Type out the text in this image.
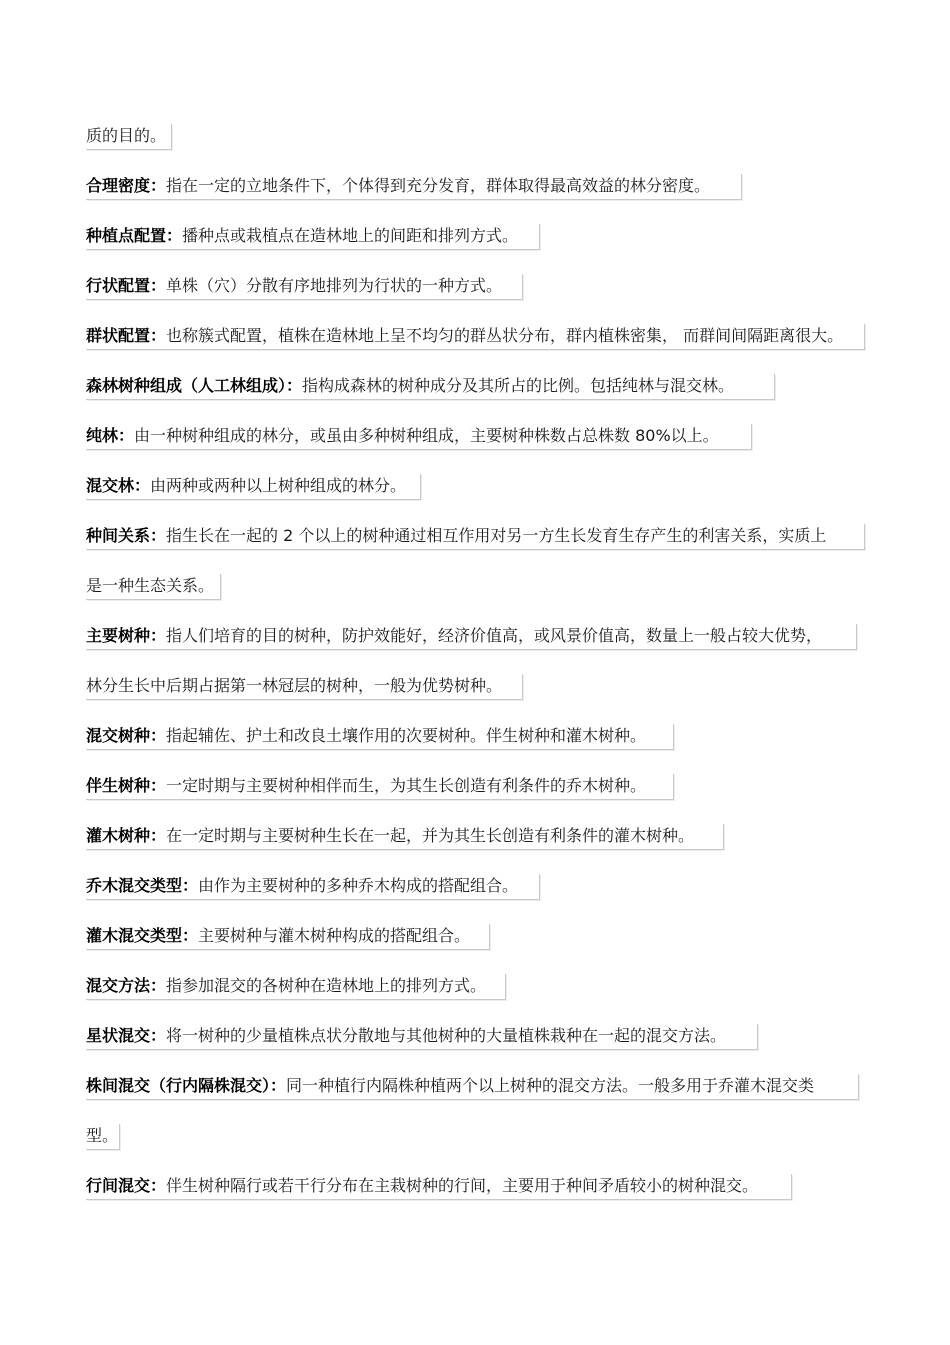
质的目的。
合理密度：指在一定的立地条件下，个体得到充分发育，群体取得最高效益的林分密度。
种植点配置：播种点或栽植点在造林地上的间距和排列方式。
行状配置：单株（穴）分散有序地排列为行状的一种方式。
群状配置：也称簇式配置，植株在造林地上呈不均匀的群丛状分布，群内植株密集， 而群间间隔距离很大。
森林树种组成（人工林组成）：指构成森林的树种成分及其所占的比例。包括纯林与混交林。
纯林：由一种树种组成的林分，或虽由多种树种组成，主要树种株数占总株数 80%以上。
混交林：由两种或两种以上树种组成的林分。
种间关系：指生长在一起的 2 个以上的树种通过相互作用对另一方生长发育生存产生的利害关系，实质上
是一种生态关系。
主要树种：指人们培育的目的树种，防护效能好，经济价值高，或风景价值高，数量上一般占较大优势，
林分生长中后期占据第一林冠层的树种，一般为优势树种。
混交树种：指起辅佐、护土和改良土壤作用的次要树种。伴生树种和灌木树种。
伴生树种：一定时期与主要树种相伴而生，为其生长创造有利条件的乔木树种。
灌木树种：在一定时期与主要树种生长在一起，并为其生长创造有利条件的灌木树种。
乔木混交类型：由作为主要树种的多种乔木构成的搭配组合。
灌木混交类型：主要树种与灌木树种构成的搭配组合。
混交方法：指参加混交的各树种在造林地上的排列方式。
星状混交：将一树种的少量植株点状分散地与其他树种的大量植株栽种在一起的混交方法。
株间混交（行内隔株混交）：同一种植行内隔株种植两个以上树种的混交方法。一般多用于乔灌木混交类
型。
行间混交：伴生树种隔行或若干行分布在主栽树种的行间，主要用于种间矛盾较小的树种混交。
